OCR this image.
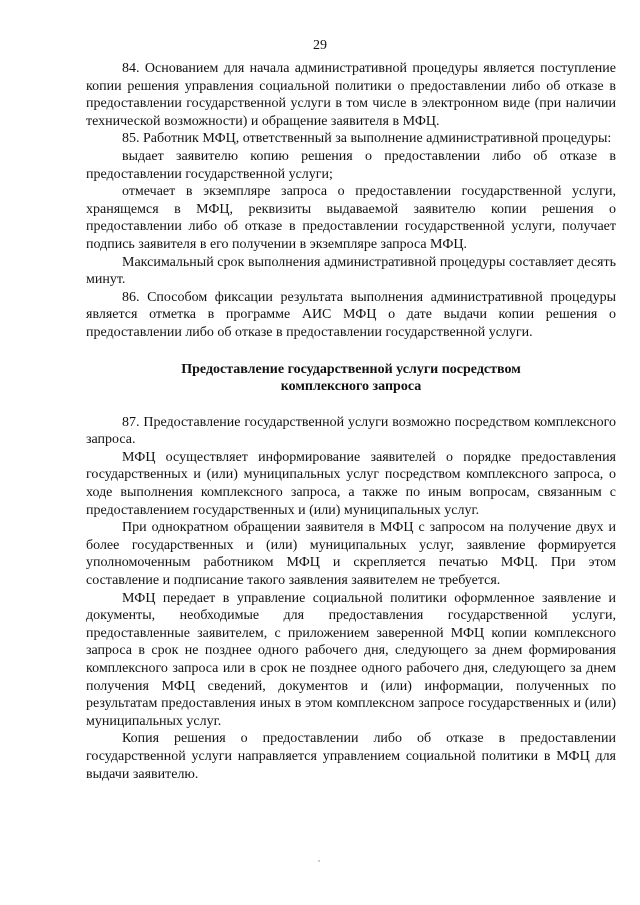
29

84. Основанием для начала административной процедуры является поступление копии решения управления социальной политики о предоставлении либо об отказе в предоставлении государственной услуги в том числе в электронном виде (при наличии технической возможности) и обращение заявителя в МФЦ.

85. Работник МФЦ, ответственный за выполнение административной процедуры:

выдает заявителю копию решения о предоставлении либо об отказе в предоставлении государственной услуги;

отмечает в экземпляре запроса о предоставлении государственной услуги, хранящемся в МФЦ, реквизиты выдаваемой заявителю копии решения о предоставлении либо об отказе в предоставлении государственной услуги, получает подпись заявителя в его получении в экземпляре запроса МФЦ.

Максимальный срок выполнения административной процедуры составляет десять минут.

86. Способом фиксации результата выполнения административной процедуры является отметка в программе АИС МФЦ о дате выдачи копии решения о предоставлении либо об отказе в предоставлении государственной услуги.

Предоставление государственной услуги посредством
комплексного запроса

87. Предоставление государственной услуги возможно посредством комплексного запроса.

МФЦ осуществляет информирование заявителей о порядке предоставления государственных и (или) муниципальных услуг посредством комплексного запроса, о ходе выполнения комплексного запроса, а также по иным вопросам, связанным с предоставлением государственных и (или) муниципальных услуг.

При однократном обращении заявителя в МФЦ с запросом на получение двух и более государственных и (или) муниципальных услуг, заявление формируется уполномоченным работником МФЦ и скрепляется печатью МФЦ. При этом составление и подписание такого заявления заявителем не требуется.

МФЦ передает в управление социальной политики оформленное заявление и документы, необходимые для предоставления государственной услуги, предоставленные заявителем, с приложением заверенной МФЦ копии комплексного запроса в срок не позднее одного рабочего дня, следующего за днем формирования комплексного запроса или в срок не позднее одного рабочего дня, следующего за днем получения МФЦ сведений, документов и (или) информации, полученных по результатам предоставления иных в этом комплексном запросе государственных и (или) муниципальных услуг.

Копия решения о предоставлении либо об отказе в предоставлении государственной услуги направляется управлением социальной политики в МФЦ для выдачи заявителю.
